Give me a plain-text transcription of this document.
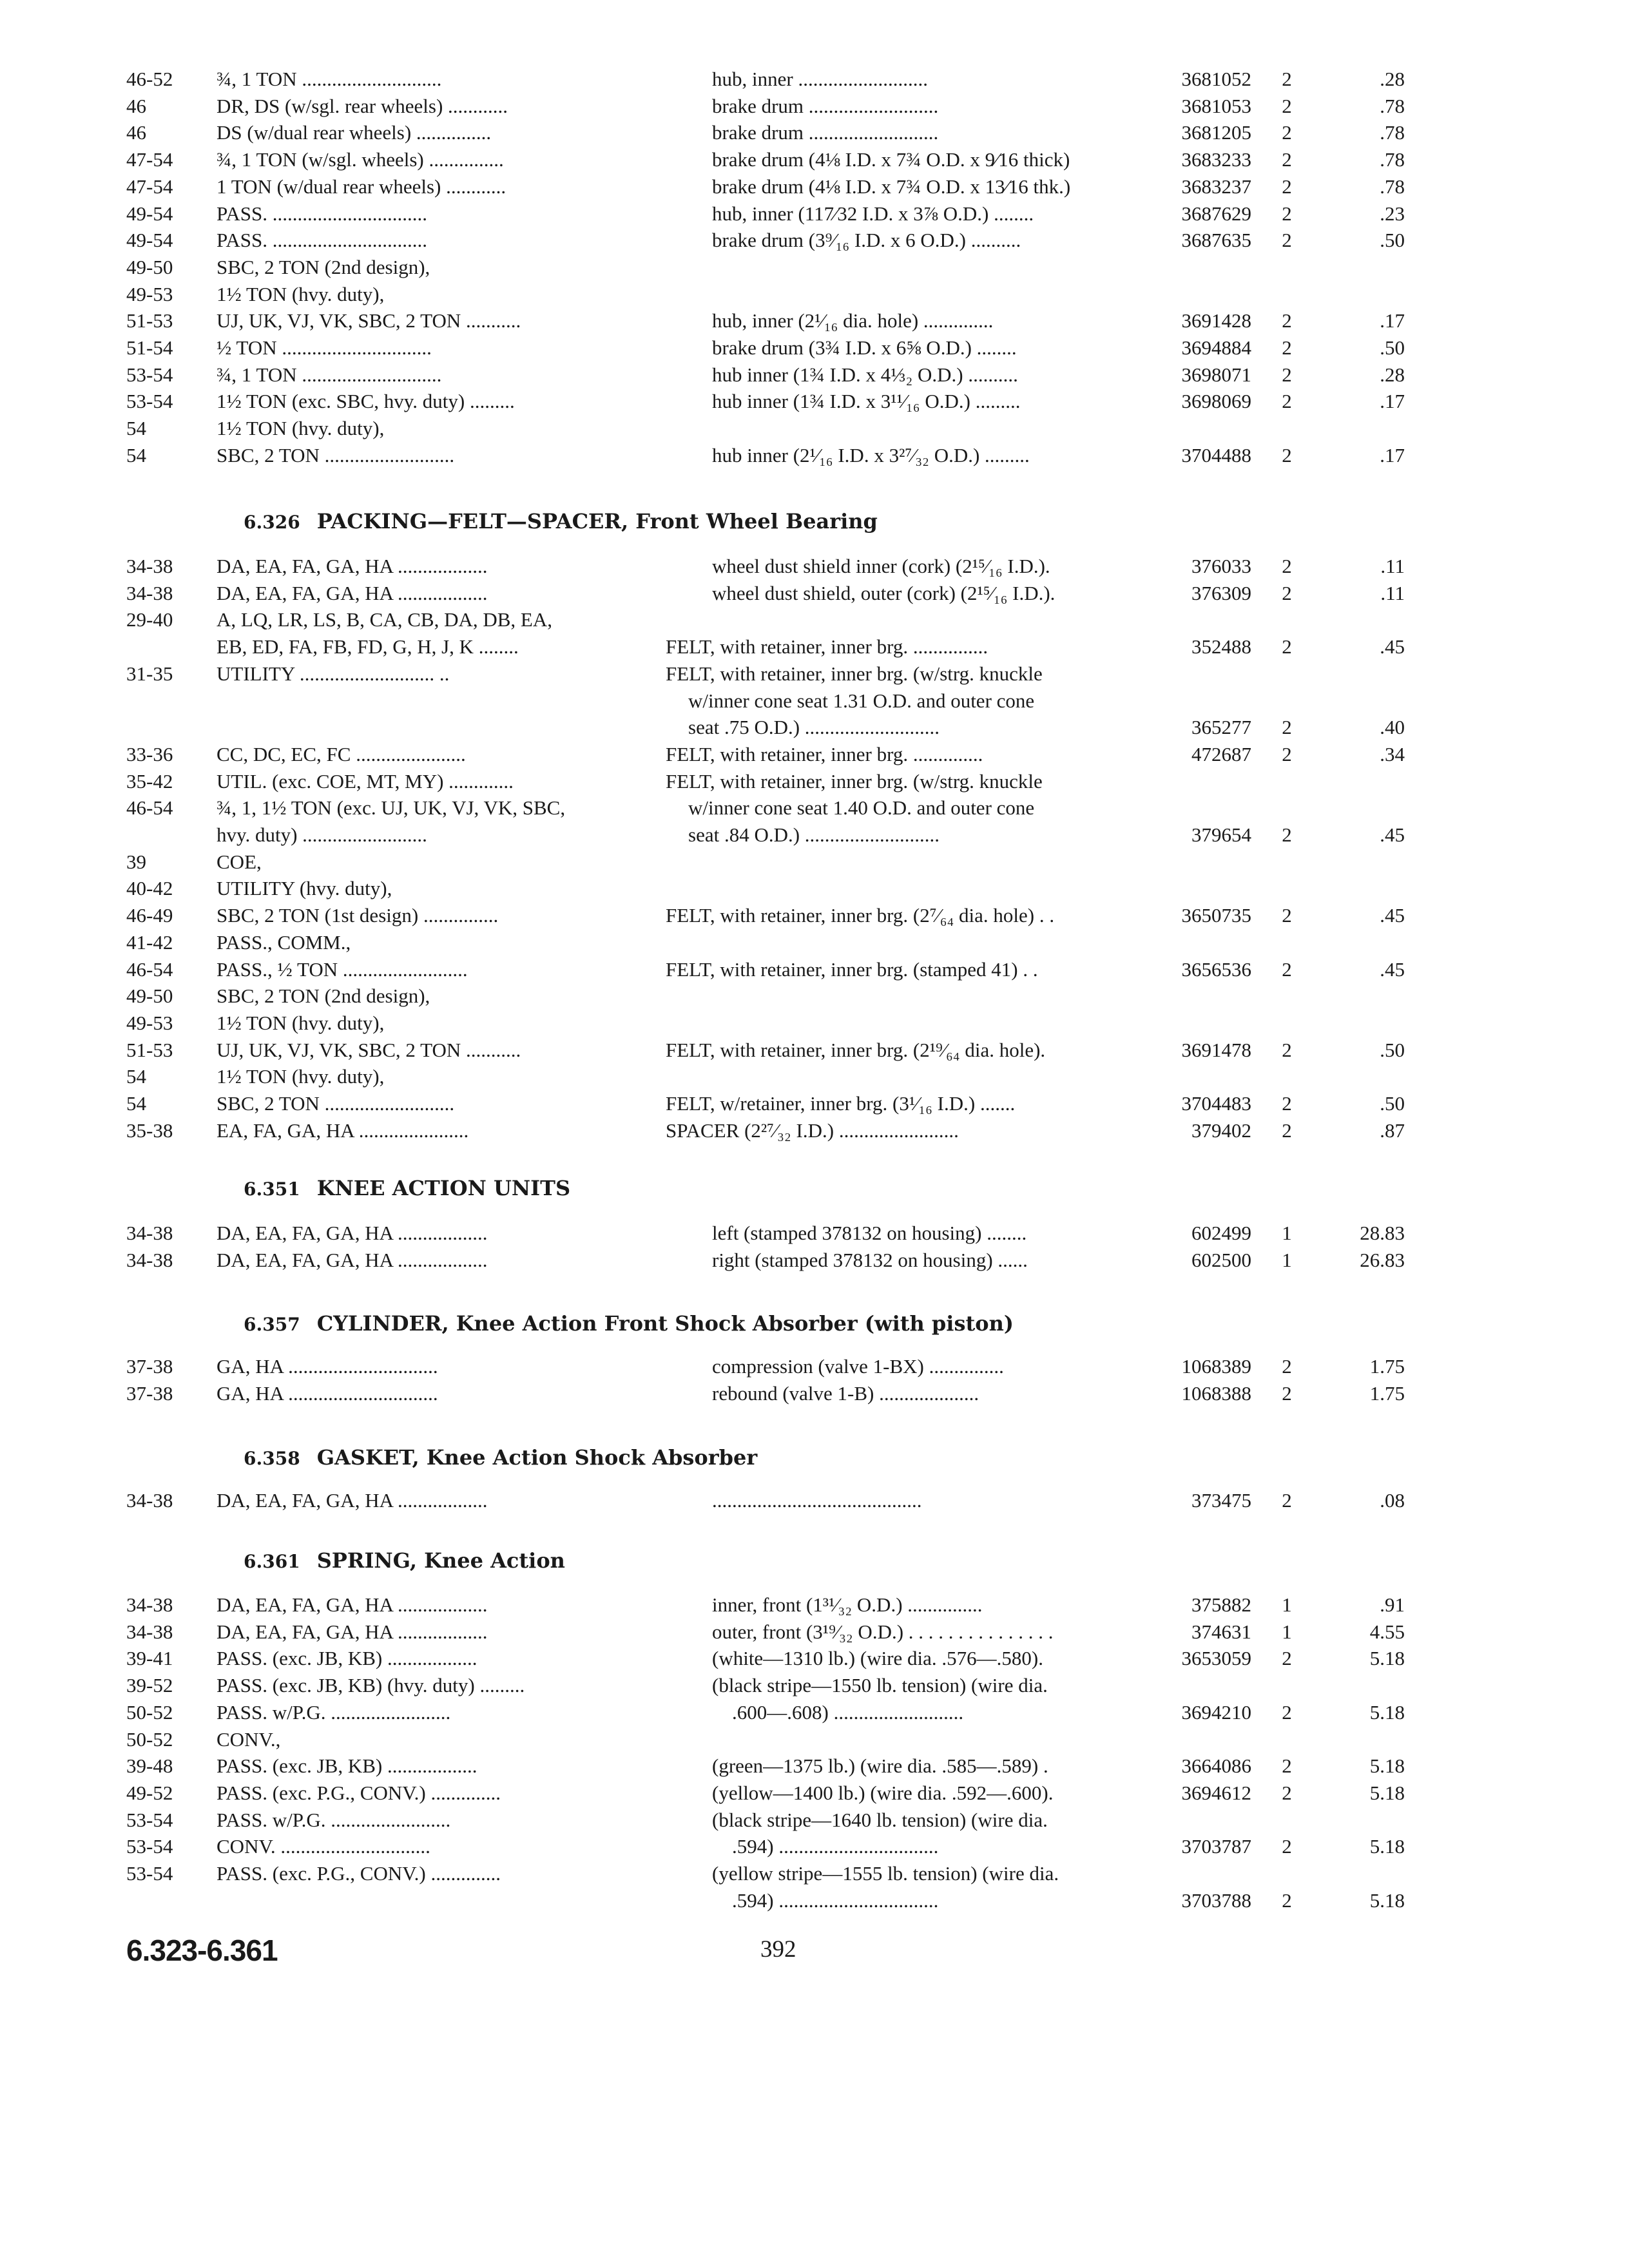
46-52	¾, 1 TON ............................	hub, inner ..........................	3681052	2	.28
46	DR, DS (w/sgl. rear wheels) ............	brake drum ..........................	3681053	2	.78
46	DS (w/dual rear wheels) ...............	brake drum ..........................	3681205	2	.78
47-54	¾, 1 TON (w/sgl. wheels) ...............	brake drum (4⅛ I.D. x 7¾ O.D. x 9⁄16 thick)	3683233	2	.78
47-54	1 TON (w/dual rear wheels) ............	brake drum (4⅛ I.D. x 7¾ O.D. x 13⁄16 thk.)	3683237	2	.78
49-54	PASS. ...............................	hub, inner (117⁄32 I.D. x 3⅞ O.D.) ........	3687629	2	.23
49-54	PASS. ...............................	brake drum (3⁹⁄₁₆ I.D. x 6 O.D.) ..........	3687635	2	.50
49-50	SBC, 2 TON (2nd design),
49-53	1½ TON (hvy. duty),
51-53	UJ, UK, VJ, VK, SBC, 2 TON ...........	hub, inner (2¹⁄₁₆ dia. hole) ..............	3691428	2	.17
51-54	½ TON ..............................	brake drum (3¾ I.D. x 6⅝ O.D.) ........	3694884	2	.50
53-54	¾, 1 TON ............................	hub inner (1¾ I.D. x 4⅓₂ O.D.) ..........	3698071	2	.28
53-54	1½ TON (exc. SBC, hvy. duty) .........	hub inner (1¾ I.D. x 3¹¹⁄₁₆ O.D.) .........	3698069	2	.17
54	1½ TON (hvy. duty),
54	SBC, 2 TON ..........................	hub inner (2¹⁄₁₆ I.D. x 3²⁷⁄₃₂ O.D.) .........	3704488	2	.17
6.326 PACKING—FELT—SPACER, Front Wheel Bearing
34-38	DA, EA, FA, GA, HA ..................	wheel dust shield inner (cork) (2¹⁵⁄₁₆ I.D.).	376033	2	.11
34-38	DA, EA, FA, GA, HA ..................	wheel dust shield, outer (cork) (2¹⁵⁄₁₆ I.D.).	376309	2	.11
29-40	A, LQ, LR, LS, B, CA, CB, DA, DB, EA,
EB, ED, FA, FB, FD, G, H, J, K ........	FELT, with retainer, inner brg. ...............	352488	2	.45
31-35	UTILITY ........................... ..	FELT, with retainer, inner brg. (w/strg. knuckle
w/inner cone seat 1.31 O.D. and outer cone
seat .75 O.D.) ...........................	365277	2	.40
33-36	CC, DC, EC, FC ......................	FELT, with retainer, inner brg. ..............	472687	2	.34
35-42	UTIL. (exc. COE, MT, MY) .............	FELT, with retainer, inner brg. (w/strg. knuckle
46-54	¾, 1, 1½ TON (exc. UJ, UK, VJ, VK, SBC,	w/inner cone seat 1.40 O.D. and outer cone
hvy. duty) .........................	seat .84 O.D.) ...........................	379654	2	.45
39	COE,
40-42	UTILITY (hvy. duty),
46-49	SBC, 2 TON (1st design) ...............	FELT, with retainer, inner brg. (2⁷⁄₆₄ dia. hole) . .	3650735	2	.45
41-42	PASS., COMM.,
46-54	PASS., ½ TON .........................	FELT, with retainer, inner brg. (stamped 41) . .	3656536	2	.45
49-50	SBC, 2 TON (2nd design),
49-53	1½ TON (hvy. duty),
51-53	UJ, UK, VJ, VK, SBC, 2 TON ...........	FELT, with retainer, inner brg. (2¹⁹⁄₆₄ dia. hole).	3691478	2	.50
54	1½ TON (hvy. duty),
54	SBC, 2 TON ..........................	FELT, w/retainer, inner brg. (3¹⁄₁₆ I.D.) .......	3704483	2	.50
35-38	EA, FA, GA, HA ......................	SPACER (2²⁷⁄₃₂ I.D.) ........................	379402	2	.87
6.351 KNEE ACTION UNITS
34-38	DA, EA, FA, GA, HA ..................	left (stamped 378132 on housing) ........	602499	1	28.83
34-38	DA, EA, FA, GA, HA ..................	right (stamped 378132 on housing) ......	602500	1	26.83
6.357 CYLINDER, Knee Action Front Shock Absorber (with piston)
37-38	GA, HA ..............................	compression (valve 1-BX) ...............	1068389	2	1.75
37-38	GA, HA ..............................	rebound (valve 1-B) ....................	1068388	2	1.75
6.358 GASKET, Knee Action Shock Absorber
34-38	DA, EA, FA, GA, HA ..................	..........................................	373475	2	.08
6.361 SPRING, Knee Action
34-38	DA, EA, FA, GA, HA ..................	inner, front (1³¹⁄₃₂ O.D.) ...............	375882	1	.91
34-38	DA, EA, FA, GA, HA ..................	outer, front (3¹⁹⁄₃₂ O.D.) . . . . . . . . . . . . . . .	374631	1	4.55
39-41	PASS. (exc. JB, KB) ..................	(white—1310 lb.) (wire dia. .576—.580).	3653059	2	5.18
39-52	PASS. (exc. JB, KB) (hvy. duty) .........	(black stripe—1550 lb. tension) (wire dia.
50-52	PASS. w/P.G. ........................	.600—.608) ..........................	3694210	2	5.18
50-52	CONV.,
39-48	PASS. (exc. JB, KB) ..................	(green—1375 lb.) (wire dia. .585—.589) .	3664086	2	5.18
49-52	PASS. (exc. P.G., CONV.) ..............	(yellow—1400 lb.) (wire dia. .592—.600).	3694612	2	5.18
53-54	PASS. w/P.G. ........................	(black stripe—1640 lb. tension) (wire dia.
53-54	CONV. ..............................	.594) ................................	3703787	2	5.18
53-54	PASS. (exc. P.G., CONV.) ..............	(yellow stripe—1555 lb. tension) (wire dia.
.594) ................................	3703788	2	5.18
6.323-6.361	392
